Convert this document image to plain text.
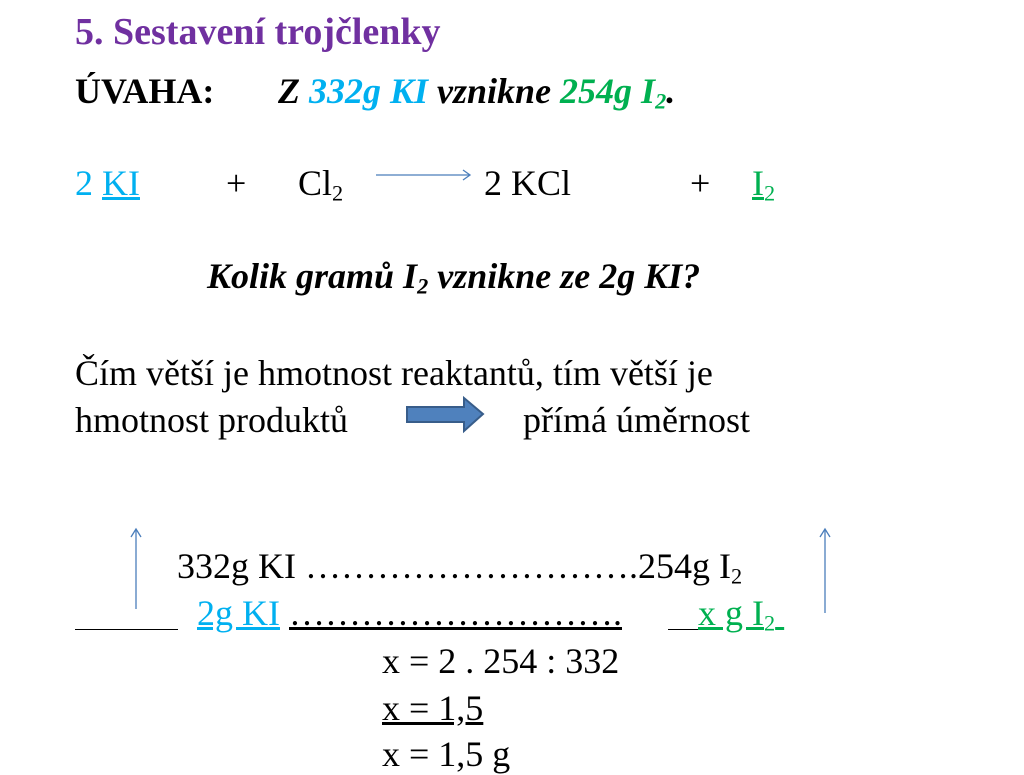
5. Sestavení trojčlenky
ÚVAHA: Z 332g KI vznikne 254g $I_2$.
2 KI + $Cl_2$	2 KCl	+ $I_2$
Kolik gramů $I_2$ vznikne ze 2g KI?
Čím větší je hmotnost reaktantů, tím větší je
hmotnost produktů	přímá úměrnost
332g KI ……………………….254g $I_2$
2g KI ………………………. x g $I_2$
x = 2 . 254 : 332
x = 1,5
x = 1,5 g
